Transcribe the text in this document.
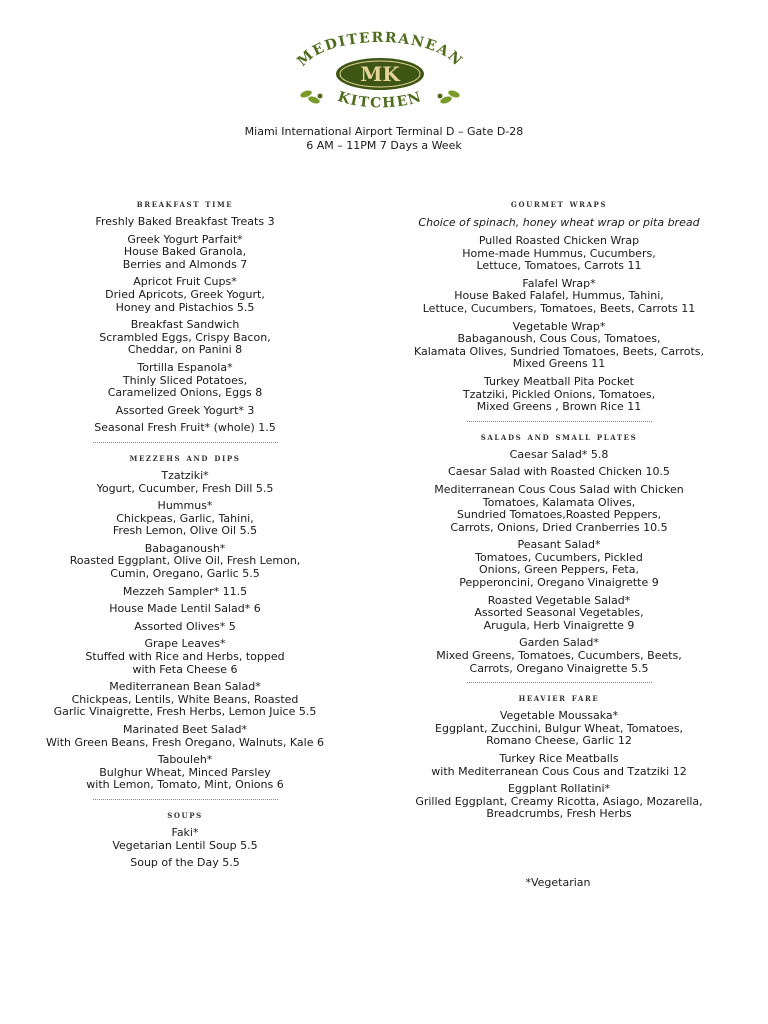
MEDITERRANEAN
MK
KITCHEN
Miami International Airport Terminal D – Gate D-28
6 AM – 11PM 7 Days a Week
breakfast time
Freshly Baked Breakfast Treats 3
Greek Yogurt Parfait*
House Baked Granola,
Berries and Almonds 7
Apricot Fruit Cups*
Dried Apricots, Greek Yogurt,
Honey and Pistachios 5.5
Breakfast Sandwich
Scrambled Eggs, Crispy Bacon,
Cheddar, on Panini 8
Tortilla Espanola*
Thinly Sliced Potatoes,
Caramelized Onions, Eggs 8
Assorted Greek Yogurt* 3
Seasonal Fresh Fruit* (whole) 1.5
mezzehs and dips
Tzatziki*
Yogurt, Cucumber, Fresh Dill 5.5
Hummus*
Chickpeas, Garlic, Tahini,
Fresh Lemon, Olive Oil 5.5
Babaganoush*
Roasted Eggplant, Olive Oil, Fresh Lemon,
Cumin, Oregano, Garlic 5.5
Mezzeh Sampler* 11.5
House Made Lentil Salad* 6
Assorted Olives* 5
Grape Leaves*
Stuffed with Rice and Herbs, topped
with Feta Cheese 6
Mediterranean Bean Salad*
Chickpeas, Lentils, White Beans, Roasted
Garlic Vinaigrette, Fresh Herbs, Lemon Juice 5.5
Marinated Beet Salad*
With Green Beans, Fresh Oregano, Walnuts, Kale 6
Tabouleh*
Bulghur Wheat, Minced Parsley
with Lemon, Tomato, Mint, Onions 6
soups
Faki*
Vegetarian Lentil Soup 5.5
Soup of the Day 5.5
gourmet wraps
Choice of spinach, honey wheat wrap or pita bread
Pulled Roasted Chicken Wrap
Home-made Hummus, Cucumbers,
Lettuce, Tomatoes, Carrots 11
Falafel Wrap*
House Baked Falafel, Hummus, Tahini,
Lettuce, Cucumbers, Tomatoes, Beets, Carrots 11
Vegetable Wrap*
Babaganoush, Cous Cous, Tomatoes,
Kalamata Olives, Sundried Tomatoes, Beets, Carrots,
Mixed Greens 11
Turkey Meatball Pita Pocket
Tzatziki, Pickled Onions, Tomatoes,
Mixed Greens , Brown Rice 11
salads and small plates
Caesar Salad* 5.8
Caesar Salad with Roasted Chicken 10.5
Mediterranean Cous Cous Salad with Chicken
Tomatoes, Kalamata Olives,
Sundried Tomatoes,Roasted Peppers,
Carrots, Onions, Dried Cranberries 10.5
Peasant Salad*
Tomatoes, Cucumbers, Pickled
Onions, Green Peppers, Feta,
Pepperoncini, Oregano Vinaigrette 9
Roasted Vegetable Salad*
Assorted Seasonal Vegetables,
Arugula, Herb Vinaigrette 9
Garden Salad*
Mixed Greens, Tomatoes, Cucumbers, Beets,
Carrots, Oregano Vinaigrette 5.5
heavier fare
Vegetable Moussaka*
Eggplant, Zucchini, Bulgur Wheat, Tomatoes,
Romano Cheese, Garlic 12
Turkey Rice Meatballs
with Mediterranean Cous Cous and Tzatziki 12
Eggplant Rollatini*
Grilled Eggplant, Creamy Ricotta, Asiago, Mozarella,
Breadcrumbs, Fresh Herbs
*Vegetarian
